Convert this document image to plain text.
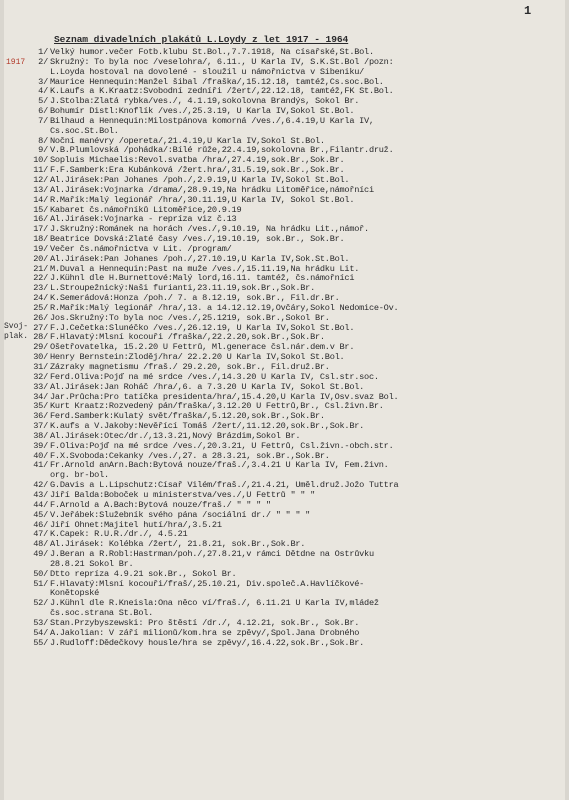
1
Seznam divadelních plakátů L.Loydy z let 1917 - 1964
1917
Svoj-
plak.
1/ Velký humor.večer Fotb.klubu St.Bol.,7.7.1918, Na císařské,St.Bol.
2/ Skružný: To byla noc /veselohra/, 6.11., U Karla IV, S.K.St.Bol /pozn:
L.Loyda hostoval na dovolené - sloužil u námořnictva v Šibeniku/
3/ Maurice Hennequin:Manžel šibal /fraška/,15.12.18, tamtéž,Čs.soc.Bol.
4/ K.Laufs a K.Kraatz:Svobodní zedníři /žert/,22.12.18, tamtéž,FK St.Bol.
5/ J.Štolba:Zlatá rybka/ves./, 4.1.19,sokolovna Brandýs, Sokol Br.
6/ Bohumír Distl:Knoflík /ves./,25.3.19, U Karla IV,Sokol St.Bol.
7/ Bilhaud a Hennequin:Milostpánova komorná /ves./,6.4.19,U Karla IV,
Čs.soc.St.Bol.
8/ Noční manévry /opereta/,21.4.19,U Karla IV,Sokol St.Bol.
9/ V.B.Plumlovská /pohádka/:Bílé růže,22.4.19,sokolovna Br.,Filantr.druž.
10/ Sopluis Michaelis:Revol.svatba /hra/,27.4.19,sok.Br.,Sok.Br.
11/ F.F.Šamberk:Era Kubánková /žert.hra/,31.5.19,sok.Br.,Sok.Br.
12/ Al.Jirásek:Pan Johanes /poh./,2.9.19,U Karla IV,Sokol St.Bol.
13/ Al.Jirásek:Vojnarka /drama/,28.9.19,Na hrádku Litoměřice,námořníci
14/ R.Mařík:Malý legionář /hra/,30.11.19,U Karla IV, Sokol St.Bol.
15/ Kabaret čs.námořníků Litoměřice,20.9.19
16/ Al.Jirásek:Vojnarka - repríza viz č.13
17/ J.Skružný:Románek na horách /ves./,9.10.19, Na hrádku Lit.,námoř.
18/ Beatrice Dovská:Zlaté časy /ves./,19.10.19, sok.Br., Sok.Br.
19/ Večer čs.námořnictva v Lit. /program/
20/ Al.Jirásek:Pan Johanes /poh./,27.10.19,U Karla IV,Sok.St.Bol.
21/ M.Duval a Hennequin:Past na muže /ves./,15.11.19,Na hrádku Lit.
22/ J.Kühnl dle H.Burnettové:Malý lord,16.11. tamtéž, čs.námořníci
23/ L.Stroupežnický:Naši furianti,23.11.19,sok.Br.,Sok.Br.
24/ K.Semerádová:Honza /poh./ 7. a 8.12.19, sok.Br., Fil.dr.Br.
25/ R.Mařík:Malý legionář /hra/,13. a 14.12.12.19,Ovčáry,Sokol Nedomice-Ov.
26/ Jos.Skružný:To byla noc /ves./,25.1219, sok.Br.,Sokol Br.
27/ F.J.Čečetka:Slunéčko /ves./,26.12.19, U Karla IV,Sokol St.Bol.
28/ F.Hlavatý:Mlsní kocouři /fraška/,22.2.20,sok.Br.,Sok.Br.
29/ Ošetřovatelka, 15.2.20 U Fettrů, Ml.generace čsl.nár.dem.v Br.
30/ Henry Bernstein:Zloděj/hra/ 22.2.20 U Karla IV,Sokol St.Bol.
31/ Zázraky magnetismu /fraš./ 29.2.20, sok.Br., Fil.druž.Br.
32/ Ferd.Oliva:Pojď na mé srdce /ves./,14.3.20 U Karla IV, Čsl.str.soc.
33/ Al.Jirásek:Jan Roháč /hra/,6. a 7.3.20 U Karla IV, Sokol St.Bol.
34/ Jar.Průcha:Pro tatíčka presidenta/hra/,15.4.20,U Karla IV,Osv.svaz Bol.
35/ Kurt Kraatz:Rozvedený pán/fraška/,3.12.20 U Fettrů,Br., Čsl.živn.Br.
36/ Ferd.Šamberk:Kulatý svět/fraška/,5.12.20,sok.Br.,Sok.Br.
37/ K.aufs a V.Jakoby:Nevěřící Tomáš /žert/,11.12.20,sok.Br.,Sok.Br.
38/ Al.Jirásek:Otec/dr./,13.3.21,Nový Brázdim,Sokol Br.
39/ F.Oliva:Pojď na mé srdce /ves./,20.3.21, U Fettrů, Čsl.živn.-obch.str.
40/ F.X.Svoboda:Čekanky /ves./,27. a 28.3.21, sok.Br.,Sok.Br.
41/ Fr.Arnold anArn.Bach:Bytová nouze/fraš./,3.4.21 U Karla IV, Fem.živn.
org. br-bol.
42/ G.Davis a L.Lipschutz:Císař Vilém/fraš./,21.4.21, Uměl.druž.Jožo Tuttra
43/ Jiří Balda:Boboček u ministerstva/ves./,U Fettrů " " "
44/ F.Arnold a A.Bach:Bytová nouze/fraš./ " " " "
45/ V.Jeřábek:Služebník svého pána /sociální dr./ " " " "
46/ Jiří Ohnet:Majitel hutí/hra/,3.5.21
47/ K.Čapek: R.U.R./dr./, 4.5.21
48/ Al.Jirásek: Kolébka /žert/, 21.8.21, sok.Br.,Sok.Br.
49/ J.Beran a R.Robl:Hastrman/poh./,27.8.21,v rámci Dětdne na Ostrůvku
28.8.21 Sokol Br.
50/ Dtto repríza 4.9.21 sok.Br., Sokol Br.
51/ F.Hlavatý:Mlsní kocouři/fraš/,25.10.21, Div.společ.A.Havlíčkové-
Konětopské
52/ J.Kühnl dle R.Kneisla:Ona něco ví/fraš./, 6.11.21 U Karla IV,mládež
čs.soc.strana St.Bol.
53/ Stan.Przybyszewski: Pro štěstí /dr./, 4.12.21, sok.Br., Sok.Br.
54/ A.Jakolian: V září milionů/kom.hra se zpěvy/,Spol.Jana Drobného
55/ J.Rudloff:Dědečkovy housle/hra se zpěvy/,16.4.22,sok.Br.,Sok.Br.
